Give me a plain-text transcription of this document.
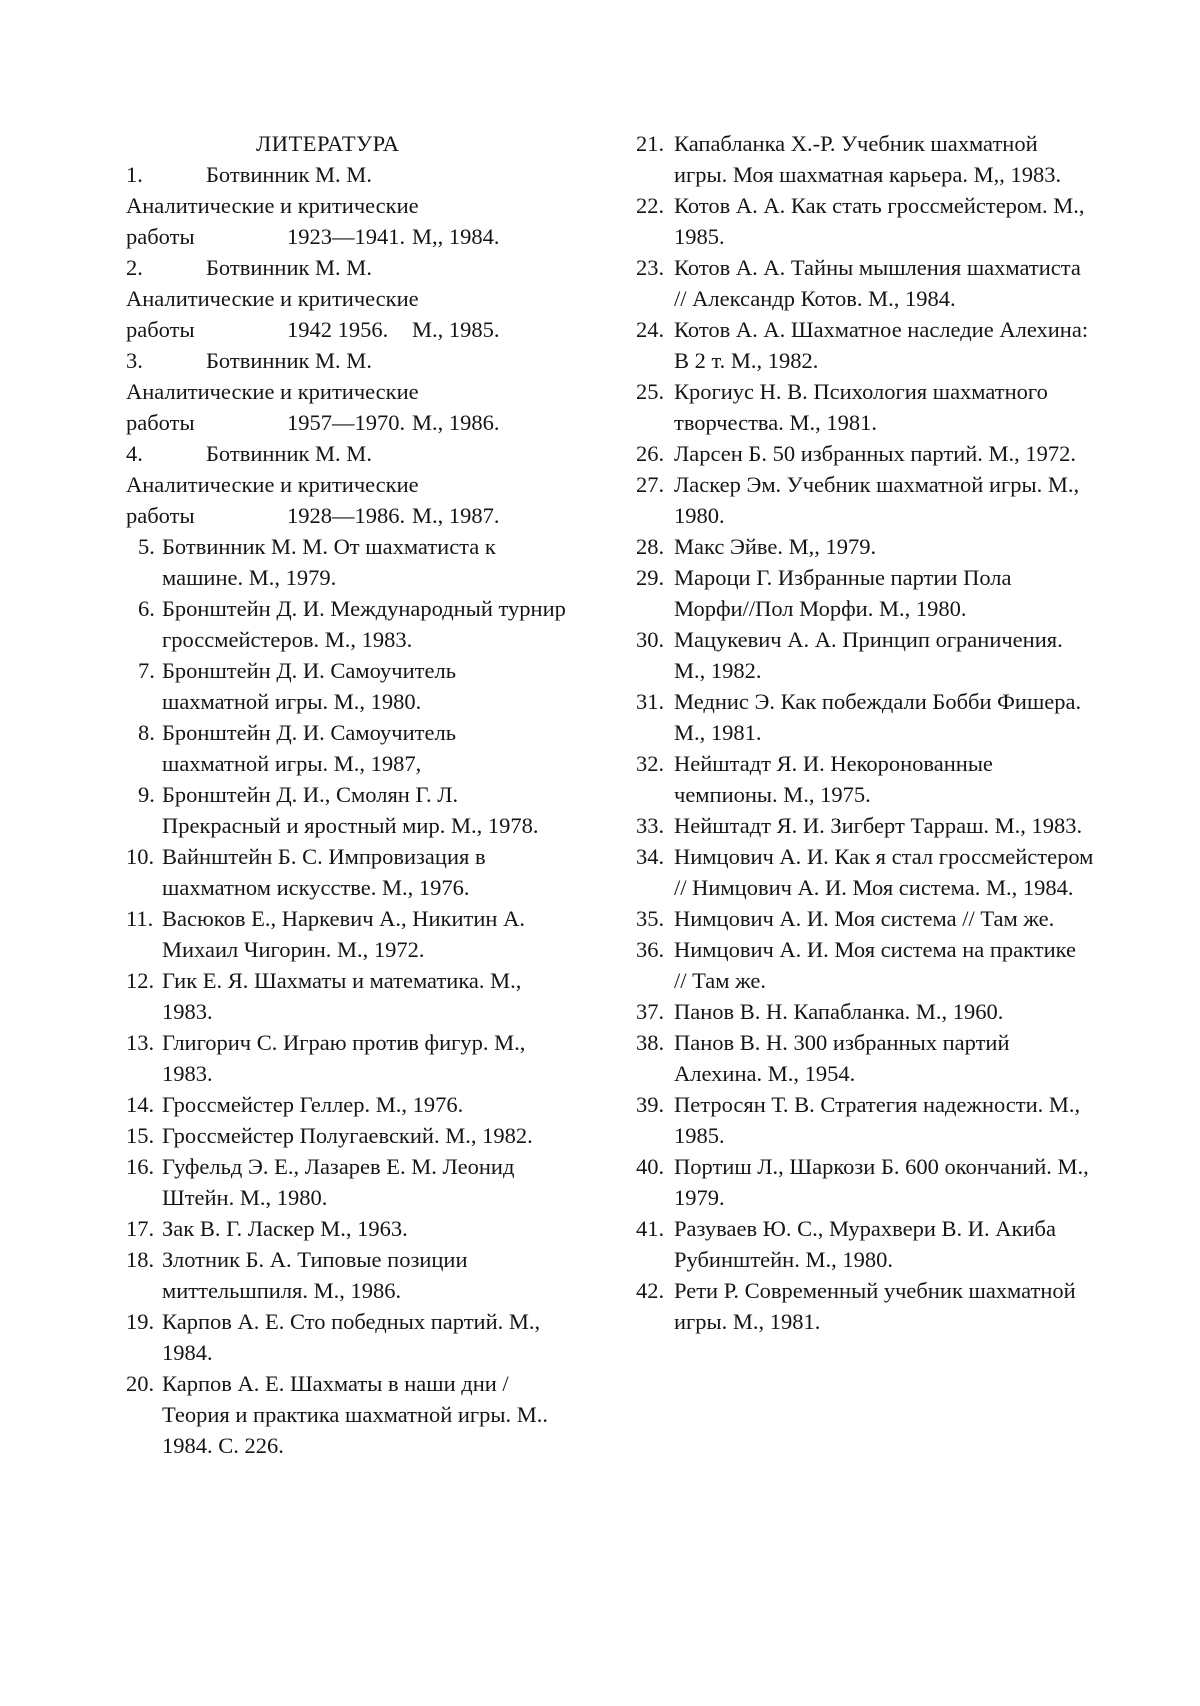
ЛИТЕРАТУРА
1.	Ботвинник М. М.
Аналитические и критические
работы	1923—1941. М,, 1984.
2.	Ботвинник М. М.
Аналитические и критические
работы	1942 1956. М., 1985.
3.	Ботвинник М. М.
Аналитические и критические
работы	1957—1970. М., 1986.
4.	Ботвинник М. М.
Аналитические и критические
работы	1928—1986. М., 1987.
5. Ботвинник М. М. От шахматиста к машине. М., 1979.
6. Бронштейн Д. И. Международный турнир гроссмейстеров. М., 1983.
7. Бронштейн Д. И. Самоучитель шахматной игры. М., 1980.
8. Бронштейн Д. И. Самоучитель шахматной игры. М., 1987,
9. Бронштейн Д. И., Смолян Г. Л. Прекрасный и яростный мир. М., 1978.
10. Вайнштейн Б. С. Импровизация в шахматном искусстве. М., 1976.
11. Васюков Е., Наркевич А., Никитин А. Михаил Чигорин. М., 1972.
12. Гик Е. Я. Шахматы и математика. М., 1983.
13. Глигорич С. Играю против фигур. М., 1983.
14. Гроссмейстер Геллер. М., 1976.
15. Гроссмейстер Полугаевский. М., 1982.
16. Гуфельд Э. Е., Лазарев Е. М. Леонид Штейн. М., 1980.
17. Зак В. Г. Ласкер М., 1963.
18. Злотник Б. А. Типовые позиции миттельшпиля. М., 1986.
19. Карпов А. Е. Сто победных партий. М., 1984.
20. Карпов А. Е. Шахматы в наши дни / Теория и практика шахматной игры. М.. 1984. С. 226.
21. Капабланка Х.-Р. Учебник шахматной игры. Моя шахматная карьера. М,, 1983.
22. Котов А. А. Как стать гроссмейстером. М., 1985.
23. Котов А. А. Тайны мышления шахматиста // Александр Котов. М., 1984.
24. Котов А. А. Шахматное наследие Алехина: В 2 т. М., 1982.
25. Крогиус Н. В. Психология шахматного творчества. М., 1981.
26. Ларсен Б. 50 избранных партий. М., 1972.
27. Ласкер Эм. Учебник шахматной игры. М., 1980.
28. Макс Эйве. М,, 1979.
29. Мароци Г. Избранные партии Пола Морфи//Пол Морфи. М., 1980.
30. Мацукевич А. А. Принцип ограничения. М., 1982.
31. Меднис Э. Как побеждали Бобби Фишера. М., 1981.
32. Нейштадт Я. И. Некоронованные чемпионы. М., 1975.
33. Нейштадт Я. И. Зигберт Тарраш. М., 1983.
34. Нимцович А. И. Как я стал гроссмейстером // Нимцович А. И. Моя система. М., 1984.
35. Нимцович А. И. Моя система // Там же.
36. Нимцович А. И. Моя система на практике // Там же.
37. Панов В. Н. Капабланка. М., 1960.
38. Панов В. Н. 300 избранных партий Алехина. М., 1954.
39. Петросян Т. В. Стратегия надежности. М., 1985.
40. Портиш Л., Шаркози Б. 600 окончаний. М., 1979.
41. Разуваев Ю. С., Мурахвери В. И. Акиба Рубинштейн. М., 1980.
42. Рети Р. Современный учебник шахматной игры. М., 1981.
